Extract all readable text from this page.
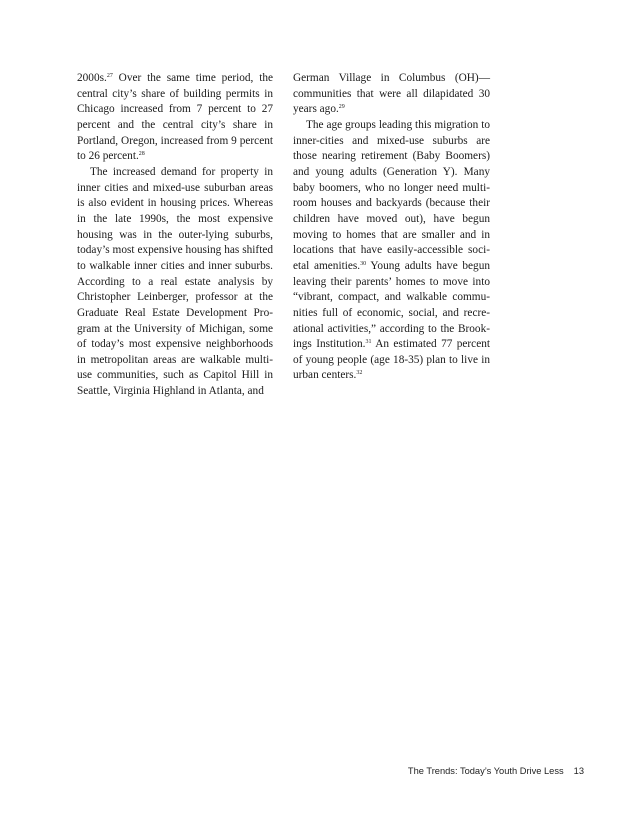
2000s.$^{27}$ Over the same time period, the central city’s share of building permits in Chicago increased from 7 percent to 27 percent and the central city’s share in Portland, Oregon, increased from 9 percent to 26 percent.$^{28}$

The increased demand for property in inner cities and mixed-use suburban areas is also evident in housing prices. Whereas in the late 1990s, the most expensive housing was in the outer-lying suburbs, today’s most expensive housing has shifted to walkable inner cities and inner suburbs. According to a real estate analysis by Christopher Leinberger, professor at the Graduate Real Estate Development Program at the University of Michigan, some of today’s most expensive neighborhoods in metropolitan areas are walkable multiuse communities, such as Capitol Hill in Seattle, Virginia Highland in Atlanta, and

German Village in Columbus (OH)—communities that were all dilapidated 30 years ago.$^{29}$

The age groups leading this migration to inner-cities and mixed-use suburbs are those nearing retirement (Baby Boomers) and young adults (Generation Y). Many baby boomers, who no longer need multiroom houses and backyards (because their children have moved out), have begun moving to homes that are smaller and in locations that have easily-accessible societal amenities.$^{30}$ Young adults have begun leaving their parents’ homes to move into “vibrant, compact, and walkable communities full of economic, social, and recreational activities,” according to the Brookings Institution.$^{31}$ An estimated 77 percent of young people (age 18-35) plan to live in urban centers.$^{32}$

The Trends: Today’s Youth Drive Less 13
